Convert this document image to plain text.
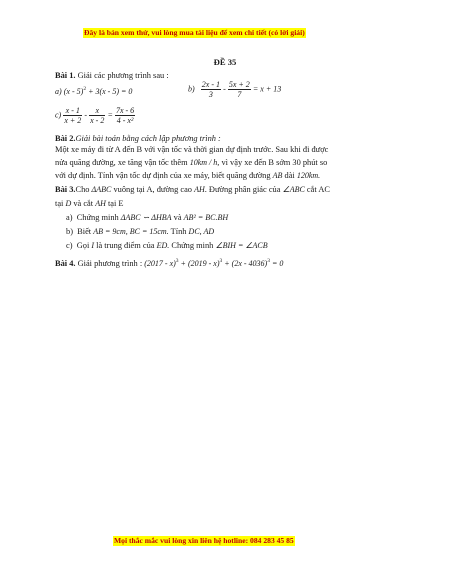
Đây là bản xem thử, vui lòng mua tài liệu để xem chi tiết (có lời giải)
ĐỀ 35
Bài 1. Giải các phương trình sau :
a) (x - 5)$^2$ + 3(x - 5) = 0	$b) \frac{2x - 1}{3} - \frac{5x + 2}{7} = x + 13$
$c) \frac{x - 1}{x + 2} - \frac{x}{x - 2} = \frac{7x - 6}{\text{4 - x²}}$
Bài 2.Giải bài toán bằng cách lập phương trình :
Một xe máy đi từ A đến B với vận tốc và thời gian dự định trước. Sau khi đi được
nửa quãng đường, xe tăng vận tốc thêm 10km / h, vì vậy xe đến B sớm 30 phút so
với dự định. Tính vận tốc dự định của xe máy, biết quãng đường AB dài 120km.
Bài 3.Cho ΔABC vuông tại A, đường cao AH. Đường phân giác của ∠ABC cắt AC
tại D và cắt AH tại E
a) Chứng minh ΔABC ∽ ΔHBA và AB² = BC.BH
b) Biết AB = 9cm, BC = 15cm. Tính DC, AD
c) Gọi I là trung điểm của ED. Chứng minh ∠BIH = ∠ACB
Bài 4. Giải phương trình : (2017 - x)$^3$ + (2019 - x)$^3$ + (2x - 4036)$^3$ = 0
Mọi thắc mắc vui lòng xin liên hệ hotline: 084 283 45 85
